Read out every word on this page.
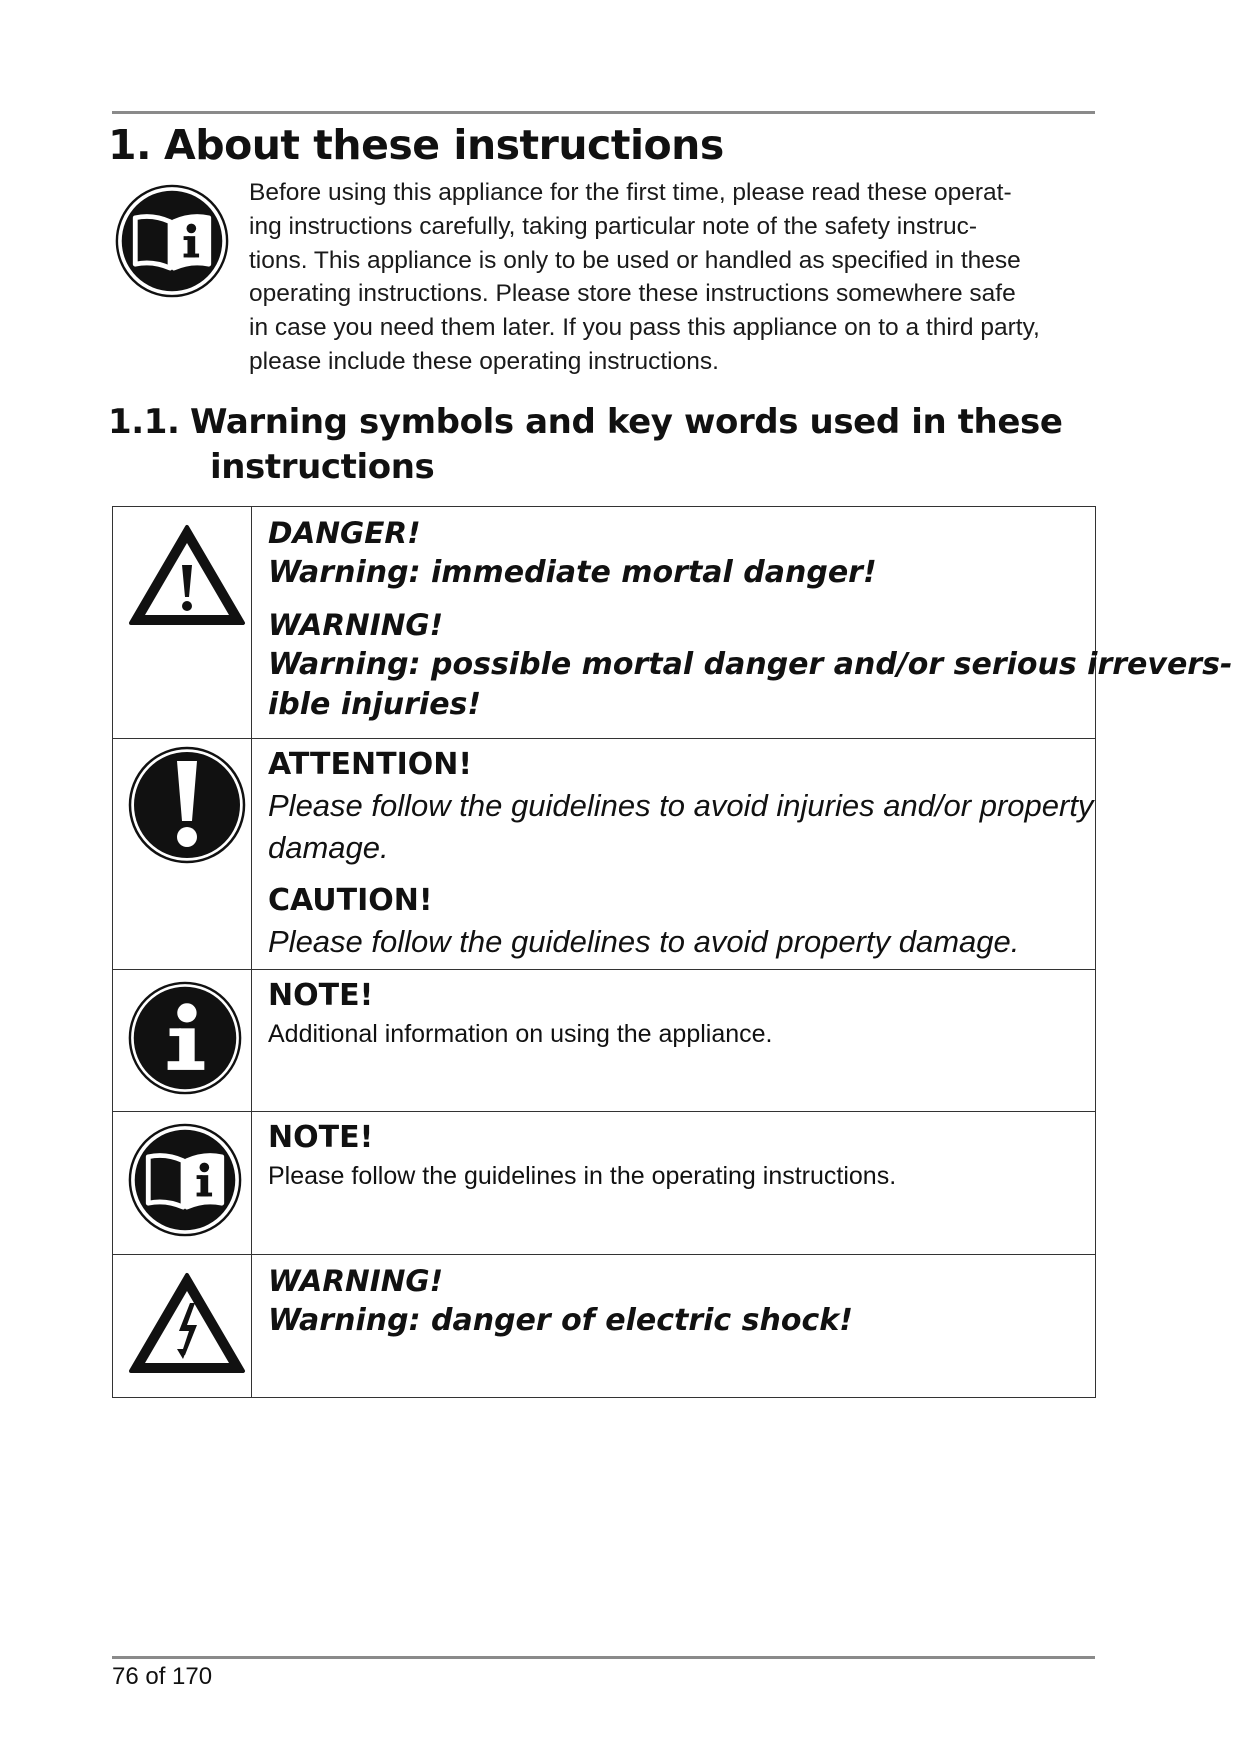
1. About these instructions
Before using this appliance for the first time, please read these operat-
ing instructions carefully, taking particular note of the safety instruc-
tions. This appliance is only to be used or handled as specified in these
operating instructions. Please store these instructions somewhere safe
in case you need them later. If you pass this appliance on to a third party,
please include these operating instructions.
1.1. Warning symbols and key words used in these
instructions

DANGER!
Warning: immediate mortal danger!
WARNING!
Warning: possible mortal danger and/or serious irrevers-
ible injuries!

ATTENTION!
Please follow the guidelines to avoid injuries and/or property
damage.
CAUTION!
Please follow the guidelines to avoid property damage.

NOTE!
Additional information on using the appliance.

NOTE!
Please follow the guidelines in the operating instructions.

WARNING!
Warning: danger of electric shock!

76 of 170
